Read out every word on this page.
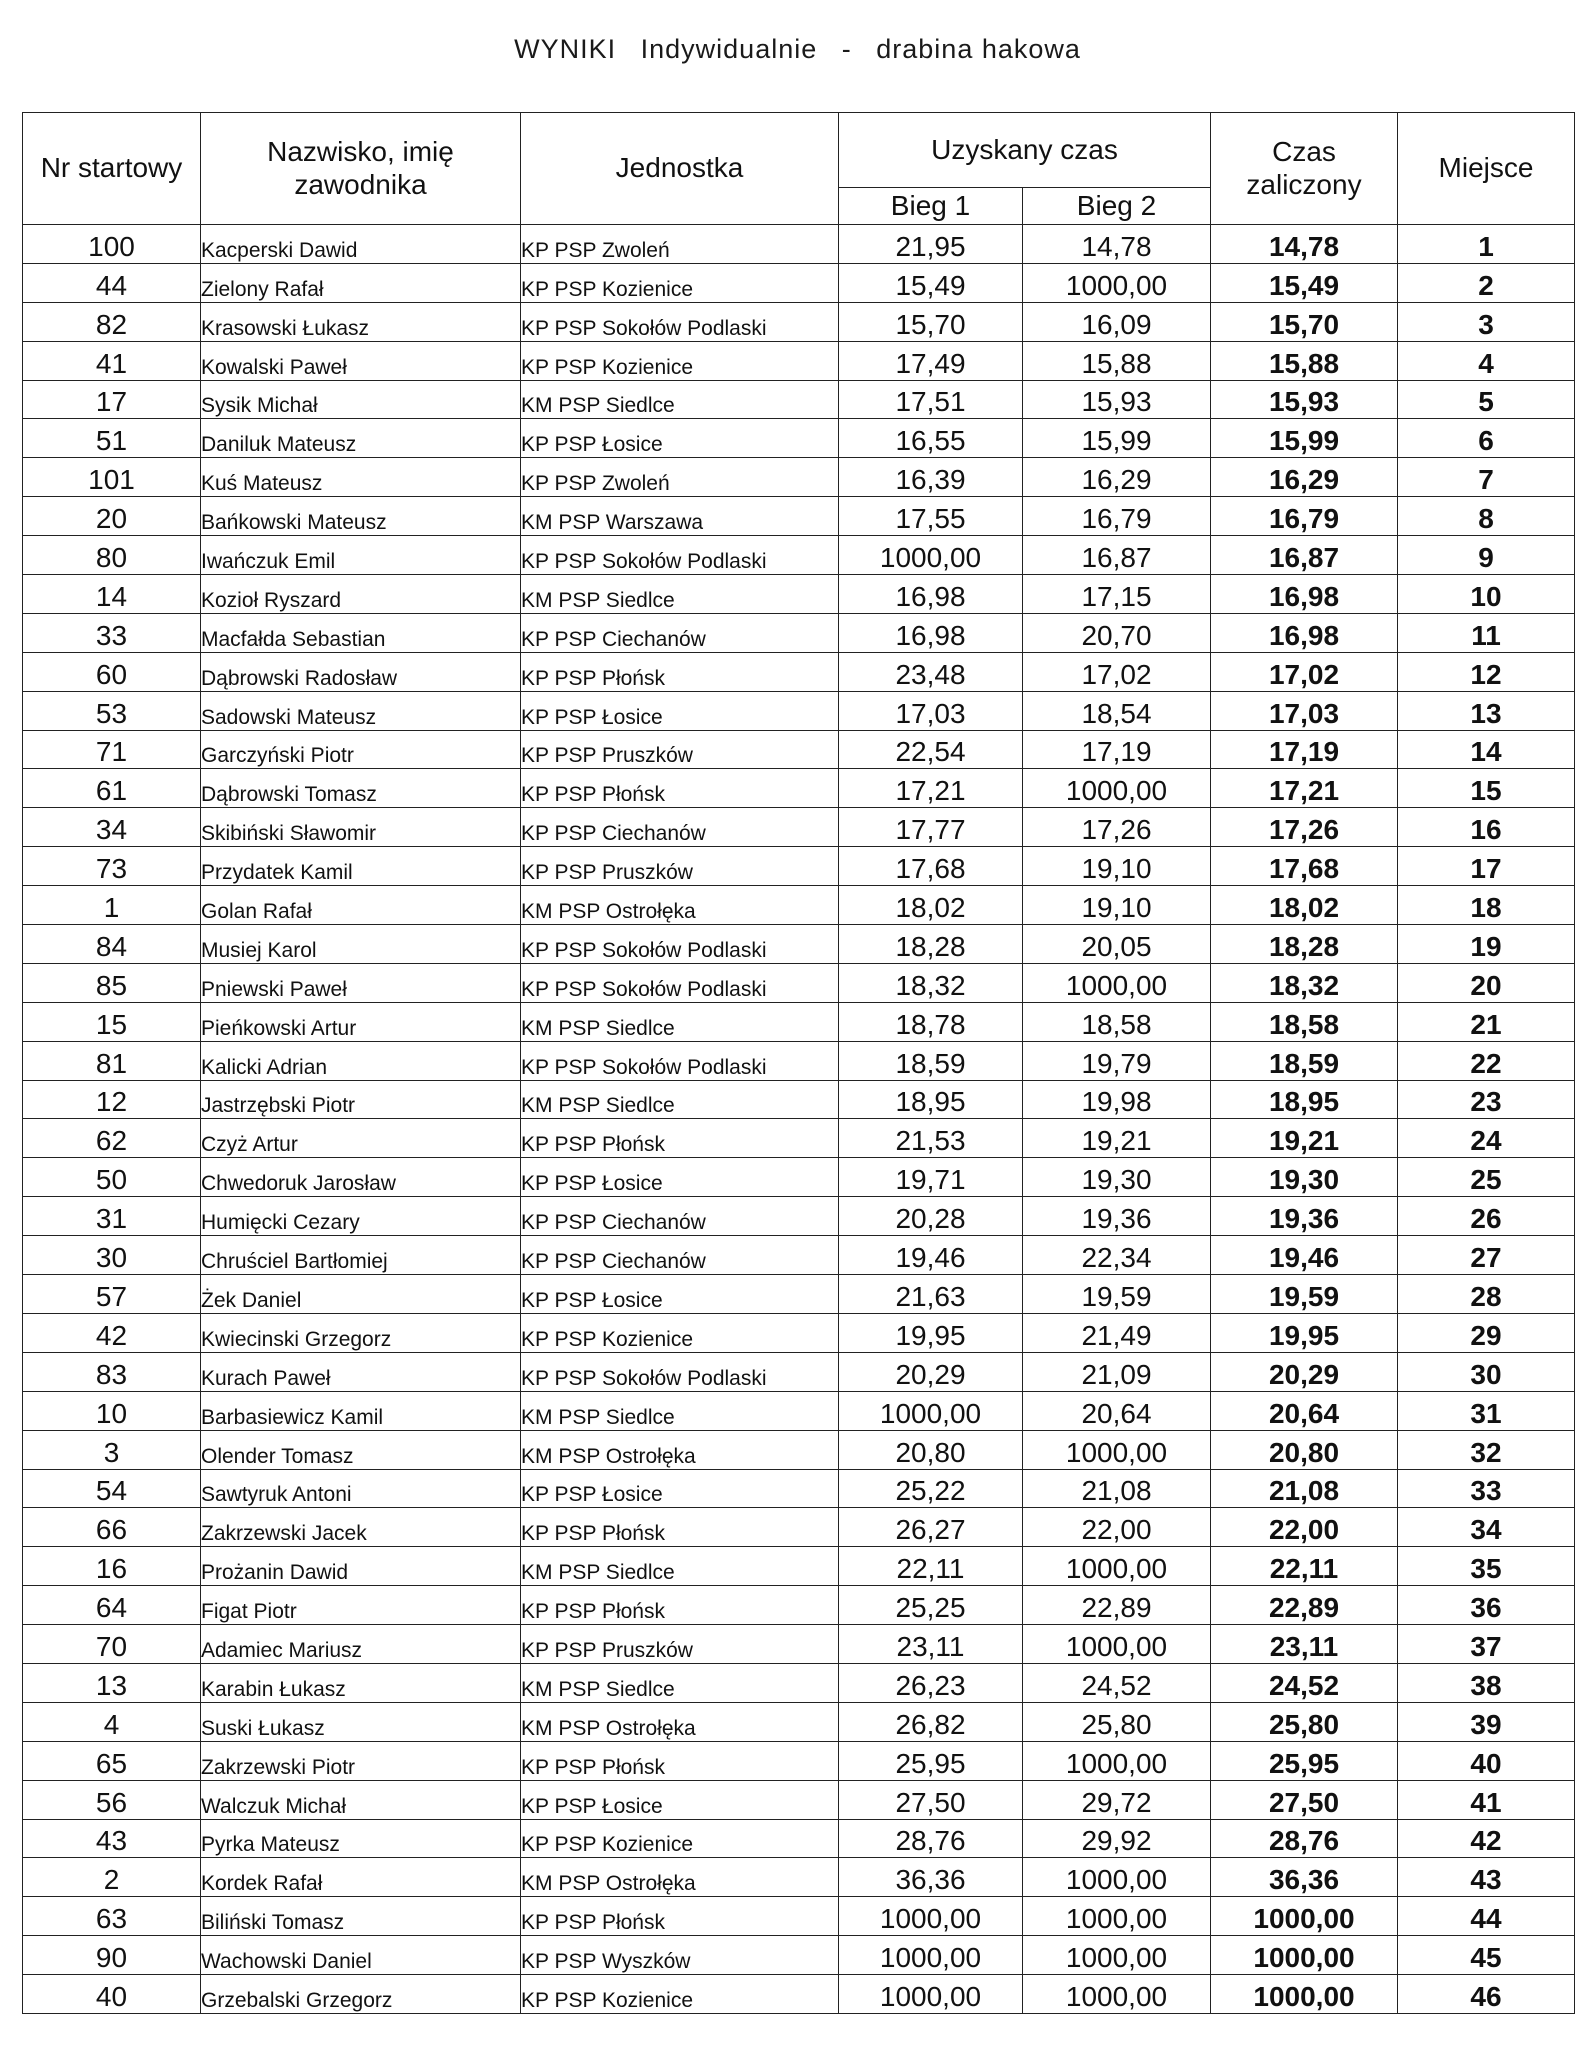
WYNIKI Indywidualnie - drabina hakowa
Nr startowy	Nazwisko, imię zawodnika	Jednostka	Uzyskany czas		Czas zaliczony	Miejsce
			Bieg 1	Bieg 2		
100	Kacperski Dawid	KP PSP Zwoleń	21,95	14,78	14,78	1
44	Zielony Rafał	KP PSP Kozienice	15,49	1000,00	15,49	2
82	Krasowski Łukasz	KP PSP Sokołów Podlaski	15,70	16,09	15,70	3
41	Kowalski Paweł	KP PSP Kozienice	17,49	15,88	15,88	4
17	Sysik Michał	KM PSP Siedlce	17,51	15,93	15,93	5
51	Daniluk Mateusz	KP PSP Łosice	16,55	15,99	15,99	6
101	Kuś Mateusz	KP PSP Zwoleń	16,39	16,29	16,29	7
20	Bańkowski Mateusz	KM PSP Warszawa	17,55	16,79	16,79	8
80	Iwańczuk Emil	KP PSP Sokołów Podlaski	1000,00	16,87	16,87	9
14	Kozioł Ryszard	KM PSP Siedlce	16,98	17,15	16,98	10
33	Macfałda Sebastian	KP PSP Ciechanów	16,98	20,70	16,98	11
60	Dąbrowski Radosław	KP PSP Płońsk	23,48	17,02	17,02	12
53	Sadowski Mateusz	KP PSP Łosice	17,03	18,54	17,03	13
71	Garczyński Piotr	KP PSP Pruszków	22,54	17,19	17,19	14
61	Dąbrowski Tomasz	KP PSP Płońsk	17,21	1000,00	17,21	15
34	Skibiński Sławomir	KP PSP Ciechanów	17,77	17,26	17,26	16
73	Przydatek Kamil	KP PSP Pruszków	17,68	19,10	17,68	17
1	Golan Rafał	KM PSP Ostrołęka	18,02	19,10	18,02	18
84	Musiej Karol	KP PSP Sokołów Podlaski	18,28	20,05	18,28	19
85	Pniewski Paweł	KP PSP Sokołów Podlaski	18,32	1000,00	18,32	20
15	Pieńkowski Artur	KM PSP Siedlce	18,78	18,58	18,58	21
81	Kalicki Adrian	KP PSP Sokołów Podlaski	18,59	19,79	18,59	22
12	Jastrzębski Piotr	KM PSP Siedlce	18,95	19,98	18,95	23
62	Czyż Artur	KP PSP Płońsk	21,53	19,21	19,21	24
50	Chwedoruk Jarosław	KP PSP Łosice	19,71	19,30	19,30	25
31	Humięcki Cezary	KP PSP Ciechanów	20,28	19,36	19,36	26
30	Chruściel Bartłomiej	KP PSP Ciechanów	19,46	22,34	19,46	27
57	Żek Daniel	KP PSP Łosice	21,63	19,59	19,59	28
42	Kwiecinski Grzegorz	KP PSP Kozienice	19,95	21,49	19,95	29
83	Kurach Paweł	KP PSP Sokołów Podlaski	20,29	21,09	20,29	30
10	Barbasiewicz Kamil	KM PSP Siedlce	1000,00	20,64	20,64	31
3	Olender Tomasz	KM PSP Ostrołęka	20,80	1000,00	20,80	32
54	Sawtyruk Antoni	KP PSP Łosice	25,22	21,08	21,08	33
66	Zakrzewski Jacek	KP PSP Płońsk	26,27	22,00	22,00	34
16	Prożanin Dawid	KM PSP Siedlce	22,11	1000,00	22,11	35
64	Figat Piotr	KP PSP Płońsk	25,25	22,89	22,89	36
70	Adamiec Mariusz	KP PSP Pruszków	23,11	1000,00	23,11	37
13	Karabin Łukasz	KM PSP Siedlce	26,23	24,52	24,52	38
4	Suski Łukasz	KM PSP Ostrołęka	26,82	25,80	25,80	39
65	Zakrzewski Piotr	KP PSP Płońsk	25,95	1000,00	25,95	40
56	Walczuk Michał	KP PSP Łosice	27,50	29,72	27,50	41
43	Pyrka Mateusz	KP PSP Kozienice	28,76	29,92	28,76	42
2	Kordek Rafał	KM PSP Ostrołęka	36,36	1000,00	36,36	43
63	Biliński Tomasz	KP PSP Płońsk	1000,00	1000,00	1000,00	44
90	Wachowski Daniel	KP PSP Wyszków	1000,00	1000,00	1000,00	45
40	Grzebalski Grzegorz	KP PSP Kozienice	1000,00	1000,00	1000,00	46
